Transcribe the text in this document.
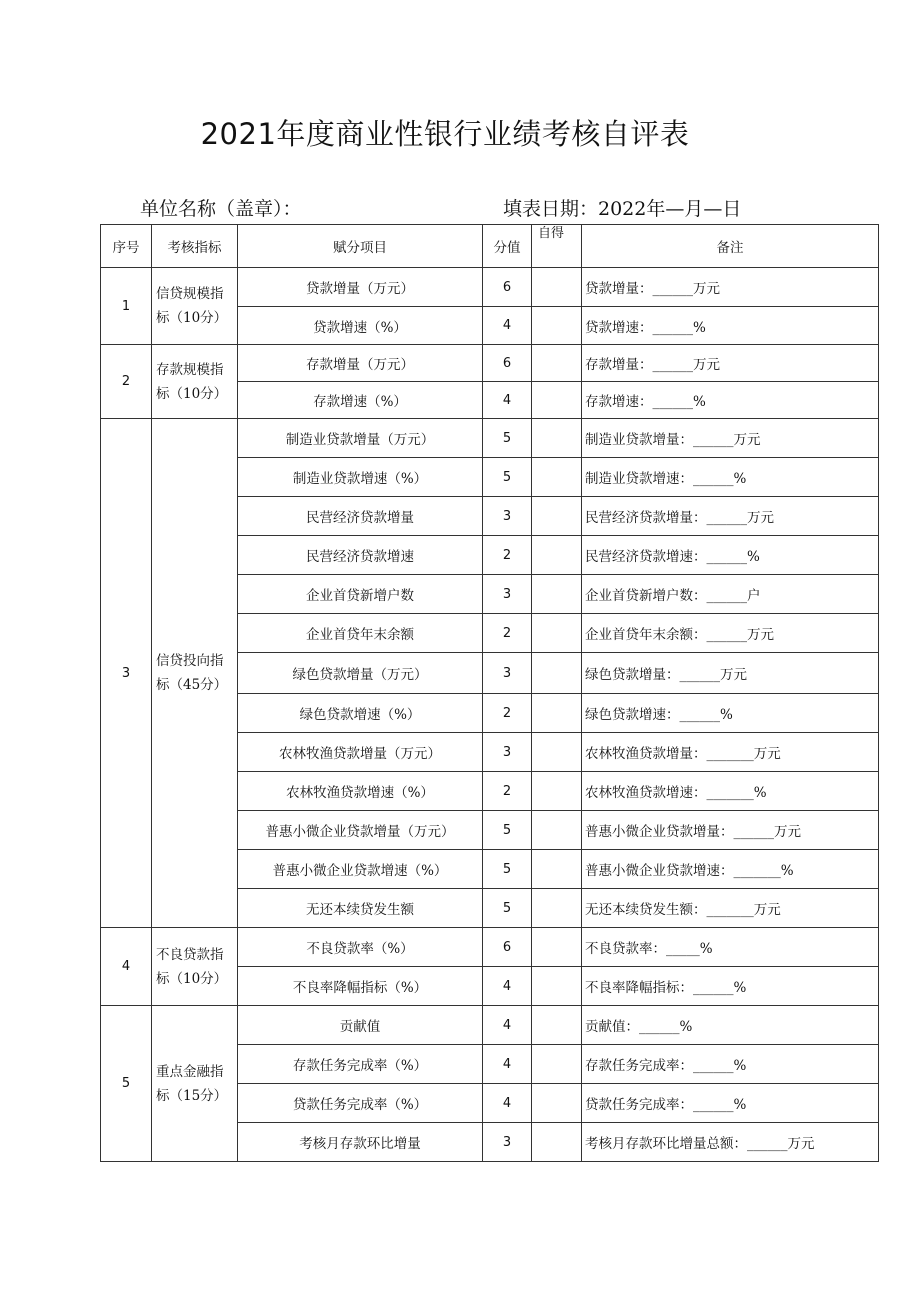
2021年度商业性银行业绩考核自评表
单位名称（盖章）：	填表日期：2022年—月—日
序号	考核指标	赋分项目	分值	自得	备注
1	信贷规模指标（10分）	贷款增量（万元）	6		贷款增量：______万元
		贷款增速（%）	4		贷款增速：______%
2	存款规模指标（10分）	存款增量（万元）	6		存款增量：______万元
		存款增速（%）	4		存款增速：______%
3	信贷投向指标（45分）	制造业贷款增量（万元）	5		制造业贷款增量：______万元
		制造业贷款增速（%）	5		制造业贷款增速：______%
		民营经济贷款增量	3		民营经济贷款增量：______万元
		民营经济贷款增速	2		民营经济贷款增速：______%
		企业首贷新增户数	3		企业首贷新增户数：______户
		企业首贷年末余额	2		企业首贷年末余额：______万元
		绿色贷款增量（万元）	3		绿色贷款增量：______万元
		绿色贷款增速（%）	2		绿色贷款增速：______%
		农林牧渔贷款增量（万元）	3		农林牧渔贷款增量：_______万元
		农林牧渔贷款增速（%）	2		农林牧渔贷款增速：_______%
		普惠小微企业贷款增量（万元）	5		普惠小微企业贷款增量：______万元
		普惠小微企业贷款增速（%）	5		普惠小微企业贷款增速：_______%
		无还本续贷发生额	5		无还本续贷发生额：_______万元
4	不良贷款指标（10分）	不良贷款率（%）	6		不良贷款率：_____%
		不良率降幅指标（%）	4		不良率降幅指标：______%
5	重点金融指标（15分）	贡献值	4		贡献值：______%
		存款任务完成率（%）	4		存款任务完成率：______%
		贷款任务完成率（%）	4		贷款任务完成率：______%
		考核月存款环比增量	3		考核月存款环比增量总额：______万元
